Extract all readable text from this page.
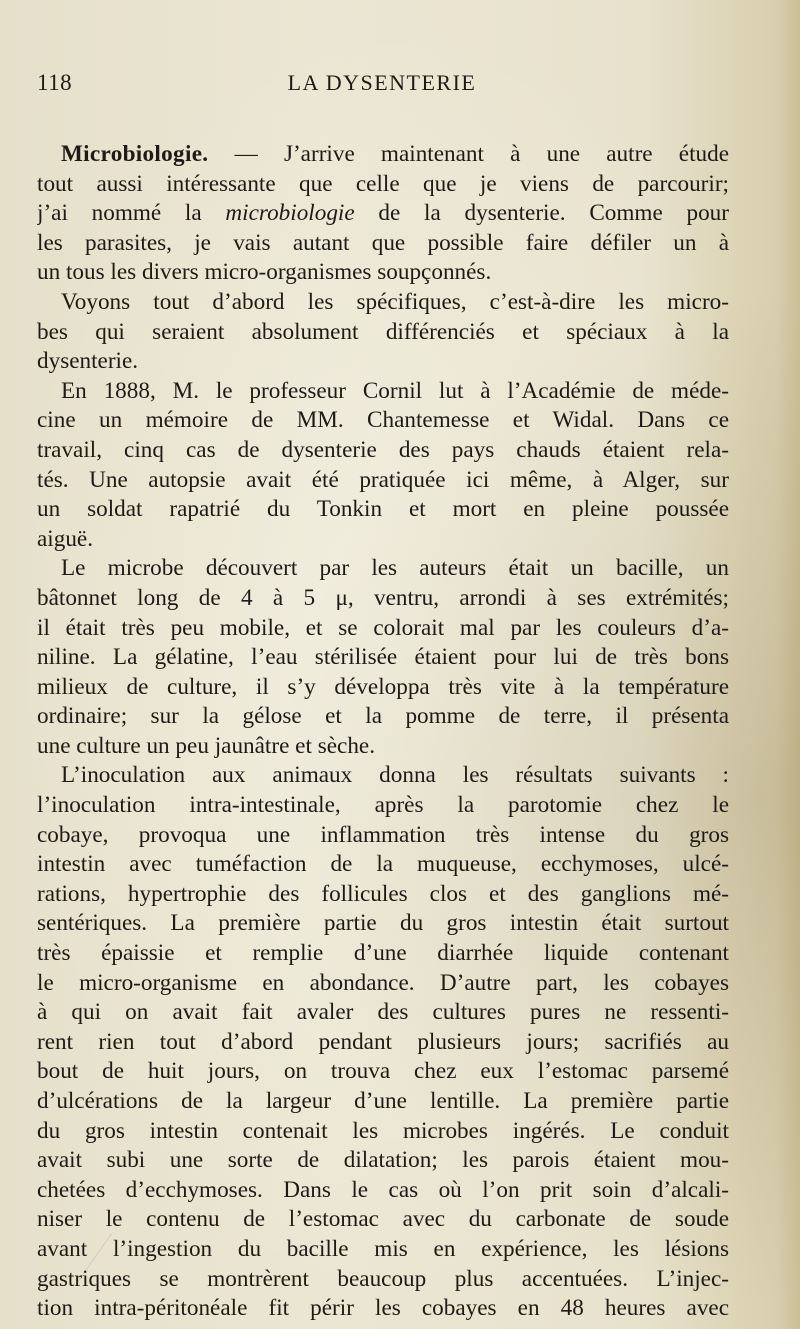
118	LA DYSENTERIE
Microbiologie. — J’arrive maintenant à une autre étude
tout aussi intéressante que celle que je viens de parcourir;
j’ai nommé la microbiologie de la dysenterie. Comme pour
les parasites, je vais autant que possible faire défiler un à
un tous les divers micro-organismes soupçonnés.
Voyons tout d’abord les spécifiques, c’est-à-dire les micro-
bes qui seraient absolument différenciés et spéciaux à la
dysenterie.
En 1888, M. le professeur Cornil lut à l’Académie de méde-
cine un mémoire de MM. Chantemesse et Widal. Dans ce
travail, cinq cas de dysenterie des pays chauds étaient rela-
tés. Une autopsie avait été pratiquée ici même, à Alger, sur
un soldat rapatrié du Tonkin et mort en pleine poussée
aiguë.
Le microbe découvert par les auteurs était un bacille, un
bâtonnet long de 4 à 5 μ, ventru, arrondi à ses extrémités;
il était très peu mobile, et se colorait mal par les couleurs d’a-
niline. La gélatine, l’eau stérilisée étaient pour lui de très bons
milieux de culture, il s’y développa très vite à la température
ordinaire; sur la gélose et la pomme de terre, il présenta
une culture un peu jaunâtre et sèche.
L’inoculation aux animaux donna les résultats suivants :
l’inoculation intra-intestinale, après la parotomie chez le
cobaye, provoqua une inflammation très intense du gros
intestin avec tuméfaction de la muqueuse, ecchymoses, ulcé-
rations, hypertrophie des follicules clos et des ganglions mé-
sentériques. La première partie du gros intestin était surtout
très épaissie et remplie d’une diarrhée liquide contenant
le micro-organisme en abondance. D’autre part, les cobayes
à qui on avait fait avaler des cultures pures ne ressenti-
rent rien tout d’abord pendant plusieurs jours; sacrifiés au
bout de huit jours, on trouva chez eux l’estomac parsemé
d’ulcérations de la largeur d’une lentille. La première partie
du gros intestin contenait les microbes ingérés. Le conduit
avait subi une sorte de dilatation; les parois étaient mou-
chetées d’ecchymoses. Dans le cas où l’on prit soin d’alcali-
niser le contenu de l’estomac avec du carbonate de soude
avant l’ingestion du bacille mis en expérience, les lésions
gastriques se montrèrent beaucoup plus accentuées. L’injec-
tion intra-péritonéale fit périr les cobayes en 48 heures avec
